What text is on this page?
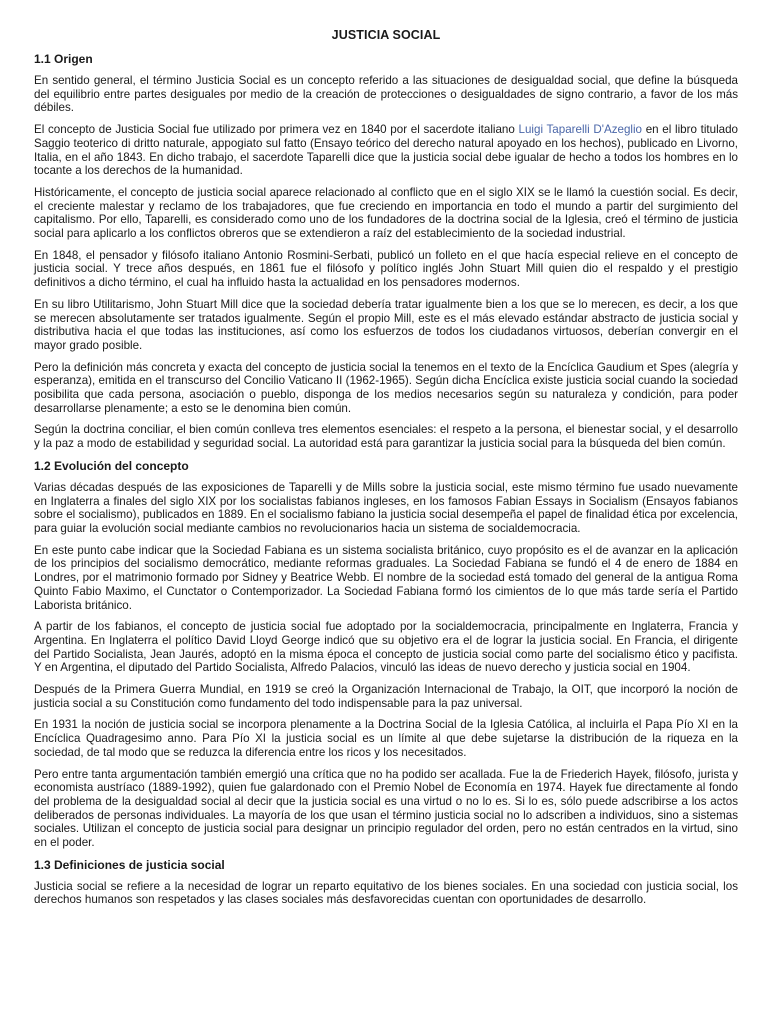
JUSTICIA SOCIAL
1.1 Origen

En sentido general, el término Justicia Social es un concepto referido a las situaciones de desigualdad social, que define la búsqueda del equilibrio entre partes desiguales por medio de la creación de protecciones o desigualdades de signo contrario, a favor de los más débiles.

El concepto de Justicia Social fue utilizado por primera vez en 1840 por el sacerdote italiano Luigi Taparelli D'Azeglio en el libro titulado Saggio teoterico di dritto naturale, appogiato sul fatto (Ensayo teórico del derecho natural apoyado en los hechos), publicado en Livorno, Italia, en el año 1843. En dicho trabajo, el sacerdote Taparelli dice que la justicia social debe igualar de hecho a todos los hombres en lo tocante a los derechos de la humanidad.

Históricamente, el concepto de justicia social aparece relacionado al conflicto que en el siglo XIX se le llamó la cuestión social. Es decir, el creciente malestar y reclamo de los trabajadores, que fue creciendo en importancia en todo el mundo a partir del surgimiento del capitalismo. Por ello, Taparelli, es considerado como uno de los fundadores de la doctrina social de la Iglesia, creó el término de justicia social para aplicarlo a los conflictos obreros que se extendieron a raíz del establecimiento de la sociedad industrial.

En 1848, el pensador y filósofo italiano Antonio Rosmini-Serbati, publicó un folleto en el que hacía especial relieve en el concepto de justicia social. Y trece años después, en 1861 fue el filósofo y político inglés John Stuart Mill quien dio el respaldo y el prestigio definitivos a dicho término, el cual ha influido hasta la actualidad en los pensadores modernos.

En su libro Utilitarismo, John Stuart Mill dice que la sociedad debería tratar igualmente bien a los que se lo merecen, es decir, a los que se merecen absolutamente ser tratados igualmente. Según el propio Mill, este es el más elevado estándar abstracto de justicia social y distributiva hacia el que todas las instituciones, así como los esfuerzos de todos los ciudadanos virtuosos, deberían convergir en el mayor grado posible.

Pero la definición más concreta y exacta del concepto de justicia social la tenemos en el texto de la Encíclica Gaudium et Spes (alegría y esperanza), emitida en el transcurso del Concilio Vaticano II (1962-1965). Según dicha Encíclica existe justicia social cuando la sociedad posibilita que cada persona, asociación o pueblo, disponga de los medios necesarios según su naturaleza y condición, para poder desarrollarse plenamente; a esto se le denomina bien común.

Según la doctrina conciliar, el bien común conlleva tres elementos esenciales: el respeto a la persona, el bienestar social, y el desarrollo y la paz a modo de estabilidad y seguridad social. La autoridad está para garantizar la justicia social para la búsqueda del bien común.

1.2 Evolución del concepto

Varias décadas después de las exposiciones de Taparelli y de Mills sobre la justicia social, este mismo término fue usado nuevamente en Inglaterra a finales del siglo XIX por los socialistas fabianos ingleses, en los famosos Fabian Essays in Socialism (Ensayos fabianos sobre el socialismo), publicados en 1889. En el socialismo fabiano la justicia social desempeña el papel de finalidad ética por excelencia, para guiar la evolución social mediante cambios no revolucionarios hacia un sistema de socialdemocracia.

En este punto cabe indicar que la Sociedad Fabiana es un sistema socialista británico, cuyo propósito es el de avanzar en la aplicación de los principios del socialismo democrático, mediante reformas graduales. La Sociedad Fabiana se fundó el 4 de enero de 1884 en Londres, por el matrimonio formado por Sidney y Beatrice Webb. El nombre de la sociedad está tomado del general de la antigua Roma Quinto Fabio Maximo, el Cunctator o Contemporizador. La Sociedad Fabiana formó los cimientos de lo que más tarde sería el Partido Laborista británico.

A partir de los fabianos, el concepto de justicia social fue adoptado por la socialdemocracia, principalmente en Inglaterra, Francia y Argentina. En Inglaterra el político David Lloyd George indicó que su objetivo era el de lograr la justicia social. En Francia, el dirigente del Partido Socialista, Jean Jaurés, adoptó en la misma época el concepto de justicia social como parte del socialismo ético y pacifista. Y en Argentina, el diputado del Partido Socialista, Alfredo Palacios, vinculó las ideas de nuevo derecho y justicia social en 1904.

Después de la Primera Guerra Mundial, en 1919 se creó la Organización Internacional de Trabajo, la OIT, que incorporó la noción de justicia social a su Constitución como fundamento del todo indispensable para la paz universal.

En 1931 la noción de justicia social se incorpora plenamente a la Doctrina Social de la Iglesia Católica, al incluirla el Papa Pío XI en la Encíclica Quadragesimo anno. Para Pío XI la justicia social es un límite al que debe sujetarse la distribución de la riqueza en la sociedad, de tal modo que se reduzca la diferencia entre los ricos y los necesitados.

Pero entre tanta argumentación también emergió una crítica que no ha podido ser acallada. Fue la de Friederich Hayek, filósofo, jurista y economista austríaco (1889-1992), quien fue galardonado con el Premio Nobel de Economía en 1974. Hayek fue directamente al fondo del problema de la desigualdad social al decir que la justicia social es una virtud o no lo es. Si lo es, sólo puede adscribirse a los actos deliberados de personas individuales. La mayoría de los que usan el término justicia social no lo adscriben a individuos, sino a sistemas sociales. Utilizan el concepto de justicia social para designar un principio regulador del orden, pero no están centrados en la virtud, sino en el poder.

1.3 Definiciones de justicia social

Justicia social se refiere a la necesidad de lograr un reparto equitativo de los bienes sociales. En una sociedad con justicia social, los derechos humanos son respetados y las clases sociales más desfavorecidas cuentan con oportunidades de desarrollo.
